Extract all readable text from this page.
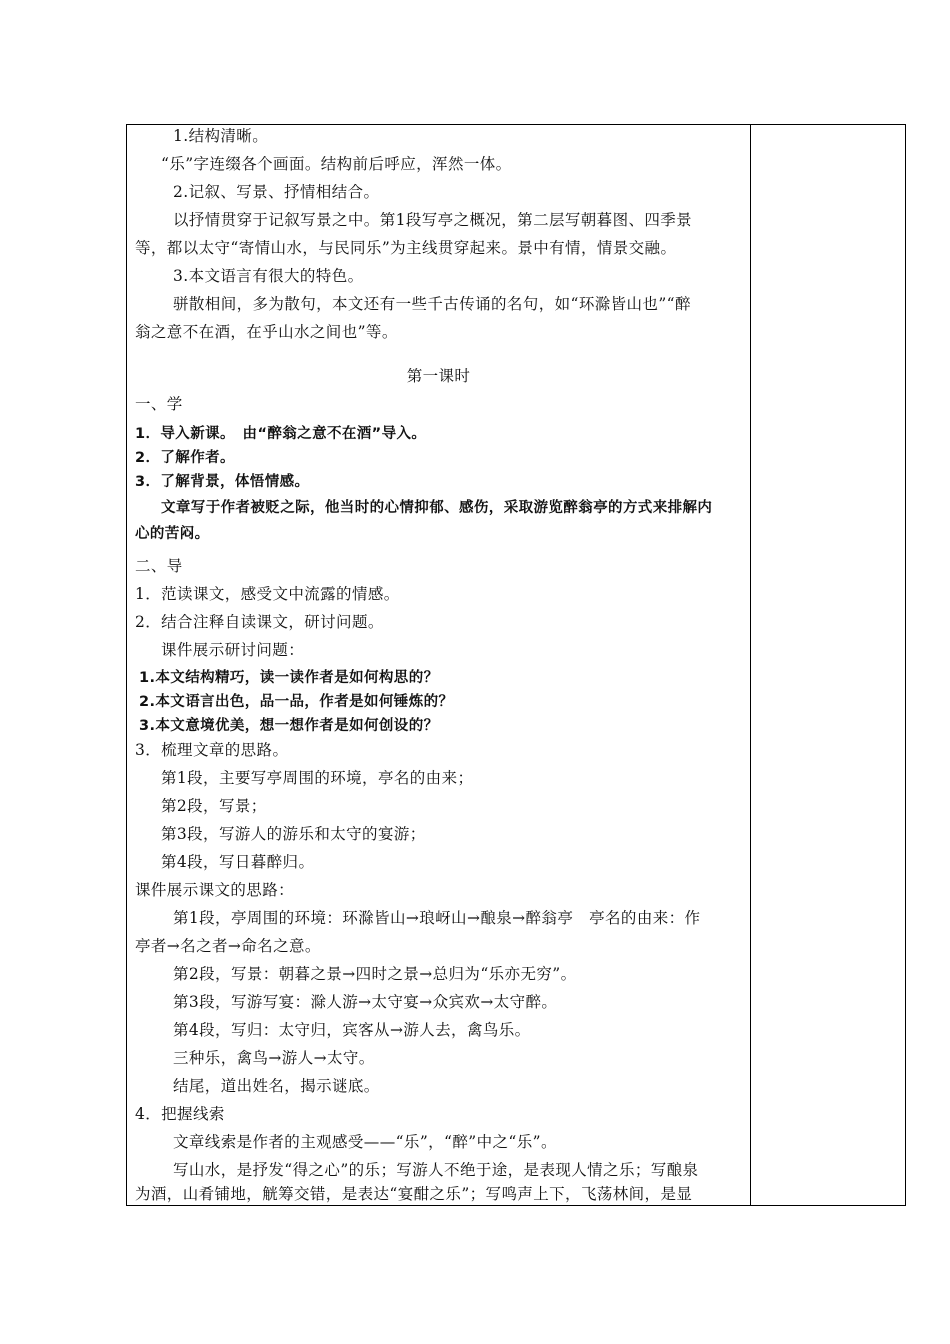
1.结构清晰。
“乐”字连缀各个画面。结构前后呼应，浑然一体。
2.记叙、写景、抒情相结合。
以抒情贯穿于记叙写景之中。第1段写亭之概况，第二层写朝暮图、四季景
等，都以太守“寄情山水，与民同乐”为主线贯穿起来。景中有情，情景交融。
3.本文语言有很大的特色。
骈散相间，多为散句，本文还有一些千古传诵的名句，如“环滁皆山也”“醉
翁之意不在酒，在乎山水之间也”等。
第一课时
一、学
1．导入新课。　由“醉翁之意不在酒”导入。
2．了解作者。
3．了解背景，体悟情感。
文章写于作者被贬之际，他当时的心情抑郁、感伤，采取游览醉翁亭的方式来排解内
心的苦闷。
二、导
1．范读课文，感受文中流露的情感。
2．结合注释自读课文，研讨问题。
课件展示研讨问题：
1.本文结构精巧，读一读作者是如何构思的？
2.本文语言出色，品一品，作者是如何锤炼的？
3.本文意境优美，想一想作者是如何创设的？
3．梳理文章的思路。
第1段，主要写亭周围的环境，亭名的由来；
第2段，写景；
第3段，写游人的游乐和太守的宴游；
第4段，写日暮醉归。
课件展示课文的思路：
第1段，亭周围的环境：环滁皆山→琅岈山→酿泉→醉翁亭　亭名的由来：作
亭者→名之者→命名之意。
第2段，写景：朝暮之景→四时之景→总归为“乐亦无穷”。
第3段，写游写宴：滁人游→太守宴→众宾欢→太守醉。
第4段，写归：太守归，宾客从→游人去，禽鸟乐。
三种乐，禽鸟→游人→太守。
结尾，道出姓名，揭示谜底。
4．把握线索
文章线索是作者的主观感受——“乐”，“醉”中之“乐”。
写山水，是抒发“得之心”的乐；写游人不绝于途，是表现人情之乐；写酿泉
为酒，山肴铺地，觥筹交错，是表达“宴酣之乐”；写鸣声上下，飞荡林间，是显
